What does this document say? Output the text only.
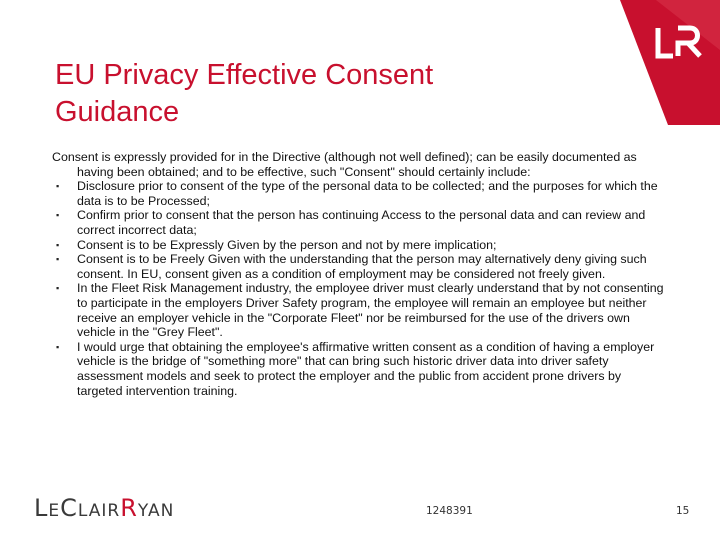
LR
EU Privacy Effective Consent
Guidance

Consent is expressly provided for in the Directive (although not well defined); can be easily documented as having been obtained; and to be effective, such "Consent" should certainly include:

▪ Disclosure prior to consent of the type of the personal data to be collected; and the purposes for which the data is to be Processed;
▪ Confirm prior to consent that the person has continuing Access to the personal data and can review and correct incorrect data;
▪ Consent is to be Expressly Given by the person and not by mere implication;
▪ Consent is to be Freely Given with the understanding that the person may alternatively deny giving such consent. In EU, consent given as a condition of employment may be considered not freely given.
▪ In the Fleet Risk Management industry, the employee driver must clearly understand that by not consenting to participate in the employers Driver Safety program, the employee will remain an employee but neither receive an employer vehicle in the "Corporate Fleet" nor be reimbursed for the use of the drivers own vehicle in the "Grey Fleet".
▪ I would urge that obtaining the employee's affirmative written consent as a condition of having a employer vehicle is the bridge of "something more" that can bring such historic driver data into driver safety assessment models and seek to protect the employer and the public from accident prone drivers by targeted intervention training.
LECLAIRRYAN	1248391	15
